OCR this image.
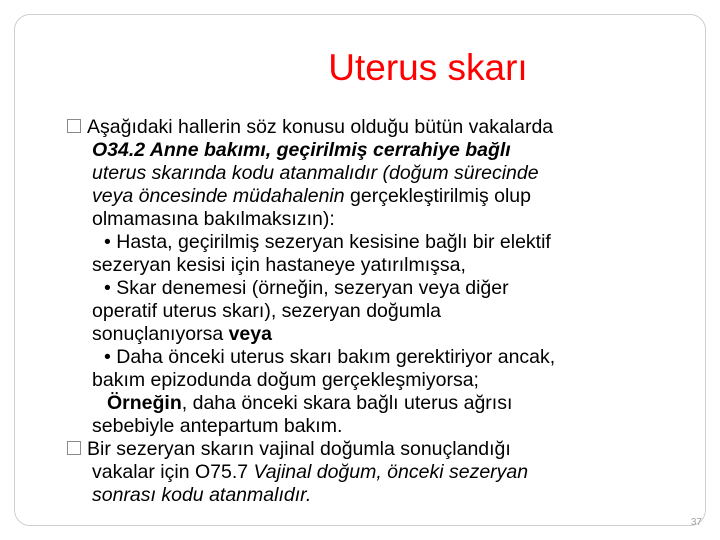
Uterus skarı
Aşağıdaki hallerin söz konusu olduğu bütün vakalarda
O34.2 Anne bakımı, geçirilmiş cerrahiye bağlı
uterus skarında kodu atanmalıdır (doğum sürecinde
veya öncesinde müdahalenin gerçekleştirilmiş olup
olmamasına bakılmaksızın):
• Hasta, geçirilmiş sezeryan kesisine bağlı bir elektif
sezeryan kesisi için hastaneye yatırılmışsa,
• Skar denemesi (örneğin, sezeryan veya diğer
operatif uterus skarı), sezeryan doğumla
sonuçlanıyorsa veya
• Daha önceki uterus skarı bakım gerektiriyor ancak,
bakım epizodunda doğum gerçekleşmiyorsa;
Örneğin, daha önceki skara bağlı uterus ağrısı
sebebiyle antepartum bakım.
Bir sezeryan skarın vajinal doğumla sonuçlandığı
vakalar için O75.7 Vajinal doğum, önceki sezeryan
sonrası kodu atanmalıdır.
37
